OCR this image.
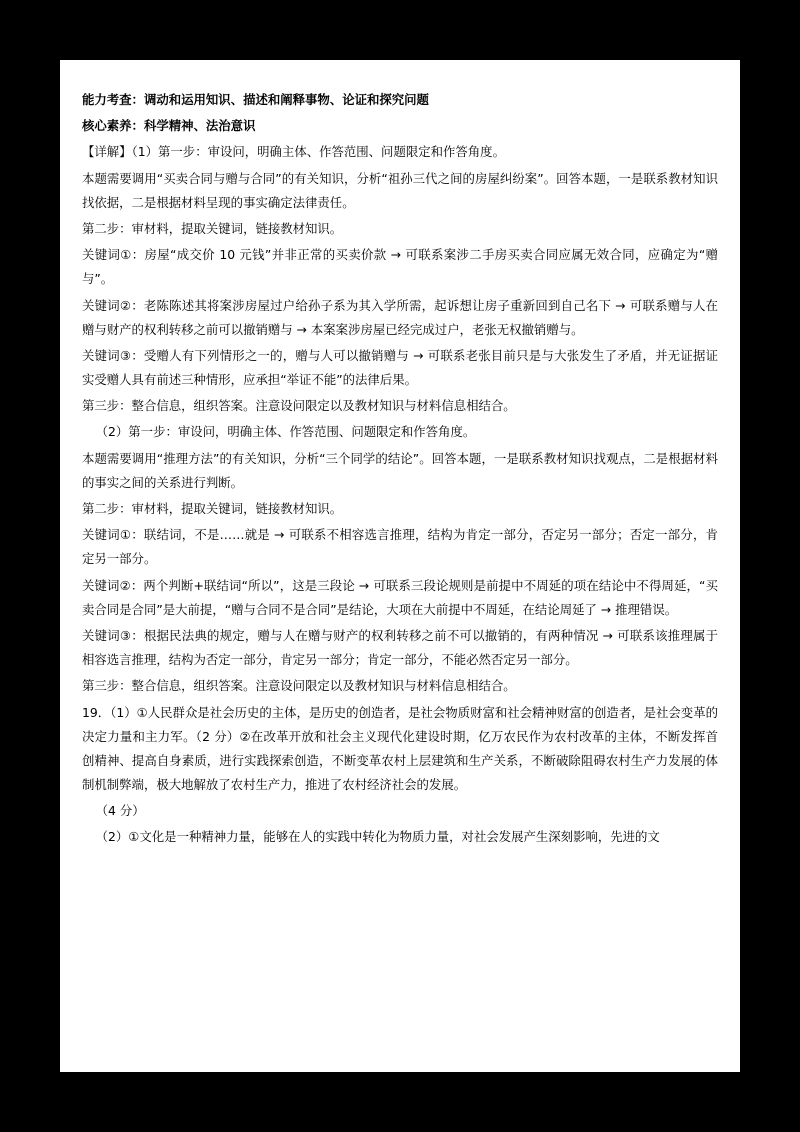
能力考查：调动和运用知识、描述和阐释事物、论证和探究问题

核心素养：科学精神、法治意识

【详解】（1）第一步：审设问，明确主体、作答范围、问题限定和作答角度。

本题需要调用“买卖合同与赠与合同”的有关知识，分析“祖孙三代之间的房屋纠纷案”。回答本题，一是联系教材知识找依据，二是根据材料呈现的事实确定法律责任。

第二步：审材料，提取关键词，链接教材知识。

关键词①：房屋“成交价 10 元钱”并非正常的买卖价款 → 可联系案涉二手房买卖合同应属无效合同，应确定为“赠与”。

关键词②：老陈陈述其将案涉房屋过户给孙子系为其入学所需，起诉想让房子重新回到自己名下 → 可联系赠与人在赠与财产的权利转移之前可以撤销赠与 → 本案案涉房屋已经完成过户，老张无权撤销赠与。

关键词③：受赠人有下列情形之一的，赠与人可以撤销赠与 → 可联系老张目前只是与大张发生了矛盾，并无证据证实受赠人具有前述三种情形，应承担“举证不能”的法律后果。

第三步：整合信息，组织答案。注意设问限定以及教材知识与材料信息相结合。

（2）第一步：审设问，明确主体、作答范围、问题限定和作答角度。

本题需要调用“推理方法”的有关知识，分析“三个同学的结论”。回答本题，一是联系教材知识找观点，二是根据材料的事实之间的关系进行判断。

第二步：审材料，提取关键词，链接教材知识。

关键词①：联结词，不是……就是 → 可联系不相容选言推理，结构为肯定一部分，否定另一部分；否定一部分，肯定另一部分。

关键词②：两个判断+联结词“所以”，这是三段论 → 可联系三段论规则是前提中不周延的项在结论中不得周延，“买卖合同是合同”是大前提，“赠与合同不是合同”是结论，大项在大前提中不周延，在结论周延了 → 推理错误。

关键词③：根据民法典的规定，赠与人在赠与财产的权利转移之前不可以撤销的，有两种情况 → 可联系该推理属于相容选言推理，结构为否定一部分，肯定另一部分；肯定一部分，不能必然否定另一部分。

第三步：整合信息，组织答案。注意设问限定以及教材知识与材料信息相结合。

19．（1）①人民群众是社会历史的主体，是历史的创造者，是社会物质财富和社会精神财富的创造者，是社会变革的决定力量和主力军。（2 分）②在改革开放和社会主义现代化建设时期，亿万农民作为农村改革的主体，不断发挥首创精神、提高自身素质，进行实践探索创造，不断变革农村上层建筑和生产关系，不断破除阻碍农村生产力发展的体制机制弊端，极大地解放了农村生产力，推进了农村经济社会的发展。

（4 分）

（2）①文化是一种精神力量，能够在人的实践中转化为物质力量，对社会发展产生深刻影响，先进的文
